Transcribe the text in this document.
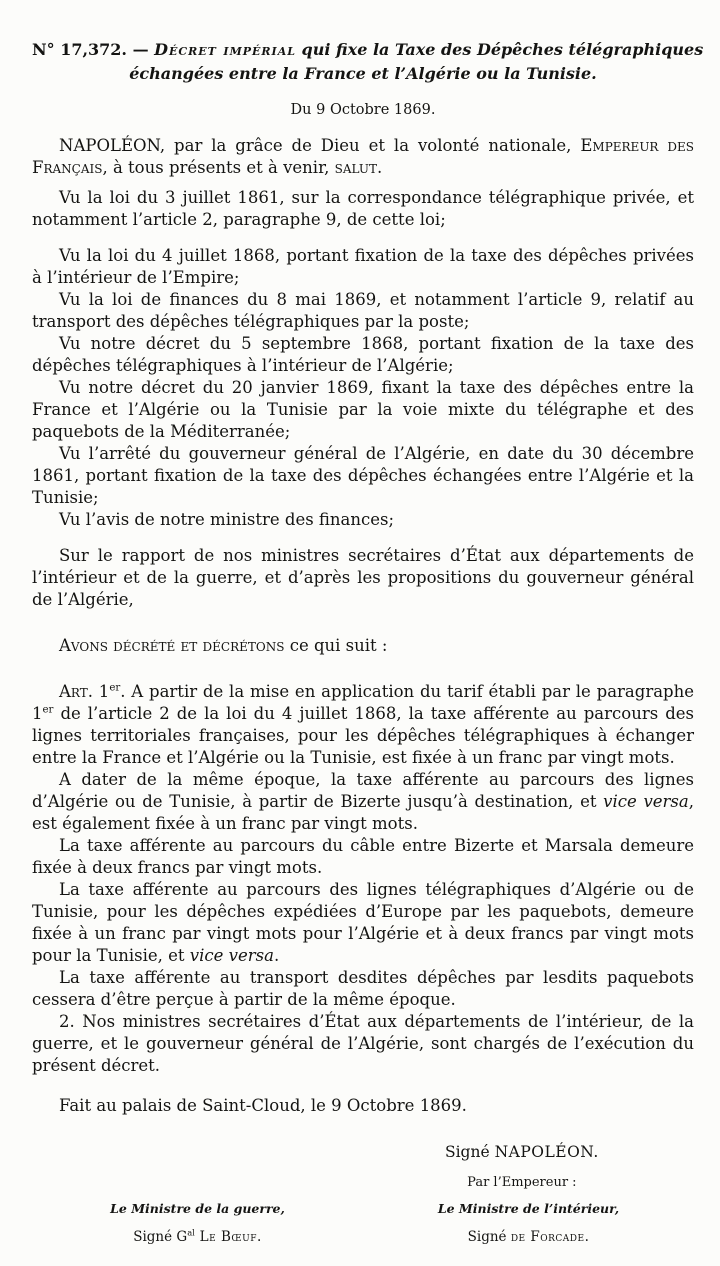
N° 17,372. — Décret impérial qui fixe la Taxe des Dépêches télégraphiques
échangées entre la France et l’Algérie ou la Tunisie.

Du 9 Octobre 1869.

NAPOLÉON, par la grâce de Dieu et la volonté nationale, Empereur des Français, à tous présents et à venir, salut.

Vu la loi du 3 juillet 1861, sur la correspondance télégraphique privée, et notamment l’article 2, paragraphe 9, de cette loi;

Vu la loi du 4 juillet 1868, portant fixation de la taxe des dépêches privées à l’intérieur de l’Empire;

Vu la loi de finances du 8 mai 1869, et notamment l’article 9, relatif au transport des dépêches télégraphiques par la poste;

Vu notre décret du 5 septembre 1868, portant fixation de la taxe des dépêches télégraphiques à l’intérieur de l’Algérie;

Vu notre décret du 20 janvier 1869, fixant la taxe des dépêches entre la France et l’Algérie ou la Tunisie par la voie mixte du télégraphe et des paquebots de la Méditerranée;

Vu l’arrêté du gouverneur général de l’Algérie, en date du 30 décembre 1861, portant fixation de la taxe des dépêches échangées entre l’Algérie et la Tunisie;

Vu l’avis de notre ministre des finances;

Sur le rapport de nos ministres secrétaires d’État aux départements de l’intérieur et de la guerre, et d’après les propositions du gouverneur général de l’Algérie,

Avons décrété et décrétons ce qui suit :

Art. 1er. A partir de la mise en application du tarif établi par le paragraphe 1er de l’article 2 de la loi du 4 juillet 1868, la taxe afférente au parcours des lignes territoriales françaises, pour les dépêches télégraphiques à échanger entre la France et l’Algérie ou la Tunisie, est fixée à un franc par vingt mots.

A dater de la même époque, la taxe afférente au parcours des lignes d’Algérie ou de Tunisie, à partir de Bizerte jusqu’à destination, et vice versa, est également fixée à un franc par vingt mots.

La taxe afférente au parcours du câble entre Bizerte et Marsala demeure fixée à deux francs par vingt mots.

La taxe afférente au parcours des lignes télégraphiques d’Algérie ou de Tunisie, pour les dépêches expédiées d’Europe par les paquebots, demeure fixée à un franc par vingt mots pour l’Algérie et à deux francs par vingt mots pour la Tunisie, et vice versa.

La taxe afférente au transport desdites dépêches par lesdits paquebots cessera d’être perçue à partir de la même époque.

2. Nos ministres secrétaires d’État aux départements de l’intérieur, de la guerre, et le gouverneur général de l’Algérie, sont chargés de l’exécution du présent décret.

Fait au palais de Saint-Cloud, le 9 Octobre 1869.

Signé NAPOLÉON.

Par l’Empereur :

Le Ministre de la guerre,

Signé $G^{al}$ Le Bœuf.

Le Ministre de l’intérieur,

Signé de Forcade.
